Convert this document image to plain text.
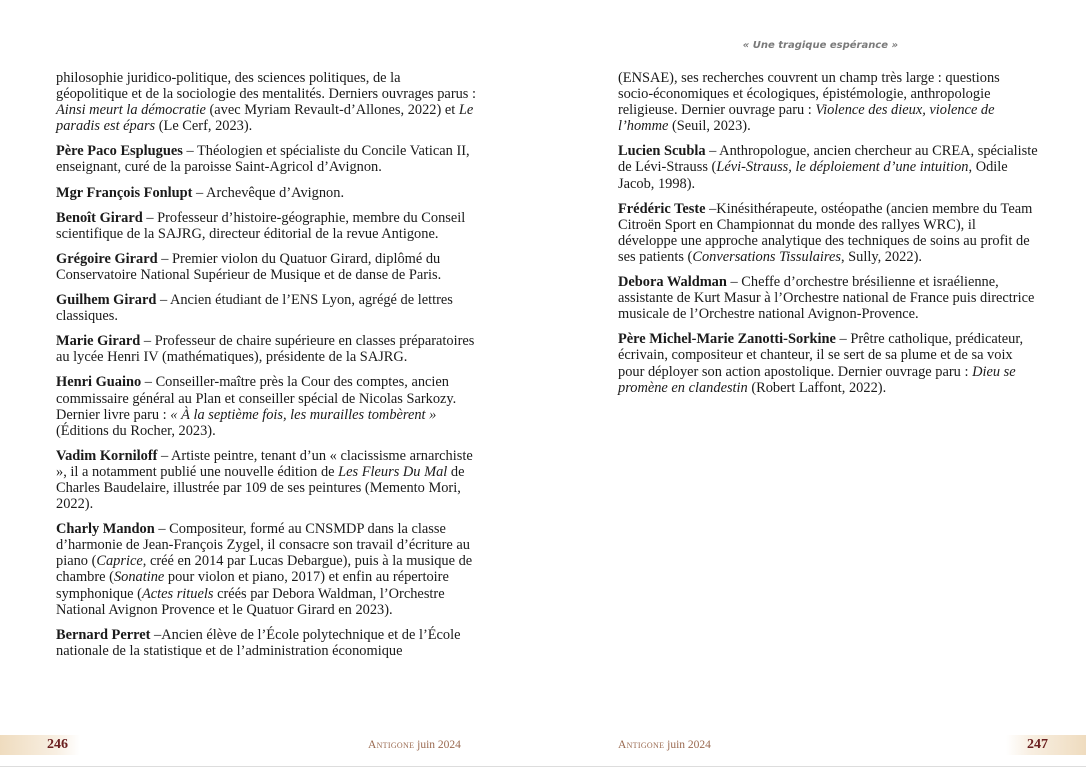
philosophie juridico-politique, des sciences politiques, de la géopolitique et de la sociologie des mentalités. Derniers ouvrages parus : Ainsi meurt la démocratie (avec Myriam Revault-d’Allones, 2022) et Le paradis est épars (Le Cerf, 2023).

Père Paco Esplugues – Théologien et spécialiste du Concile Vatican II, enseignant, curé de la paroisse Saint-Agricol d’Avignon.

Mgr François Fonlupt – Archevêque d’Avignon.

Benoît Girard – Professeur d’histoire-géographie, membre du Conseil scientifique de la SAJRG, directeur éditorial de la revue Antigone.

Grégoire Girard – Premier violon du Quatuor Girard, diplômé du Conservatoire National Supérieur de Musique et de danse de Paris.

Guilhem Girard – Ancien étudiant de l’ENS Lyon, agrégé de lettres classiques.

Marie Girard – Professeur de chaire supérieure en classes préparatoires au lycée Henri IV (mathématiques), présidente de la SAJRG.

Henri Guaino – Conseiller-maître près la Cour des comptes, ancien commissaire général au Plan et conseiller spécial de Nicolas Sarkozy. Dernier livre paru : « À la septième fois, les murailles tombèrent » (Éditions du Rocher, 2023).

Vadim Korniloff – Artiste peintre, tenant d’un « clacissisme arnarchiste », il a notamment publié une nouvelle édition de Les Fleurs Du Mal de Charles Baudelaire, illustrée par 109 de ses peintures (Memento Mori, 2022).

Charly Mandon – Compositeur, formé au CNSMDP dans la classe d’harmonie de Jean-François Zygel, il consacre son travail d’écriture au piano (Caprice, créé en 2014 par Lucas Debargue), puis à la musique de chambre (Sonatine pour violon et piano, 2017) et enfin au répertoire symphonique (Actes rituels créés par Debora Waldman, l’Orchestre National Avignon Provence et le Quatuor Girard en 2023).

Bernard Perret –Ancien élève de l’École polytechnique et de l’École nationale de la statistique et de l’administration économique

246	Antigone juin 2024
« Une tragique espérance »

(ENSAE), ses recherches couvrent un champ très large : questions socio-économiques et écologiques, épistémologie, anthropologie religieuse. Dernier ouvrage paru : Violence des dieux, violence de l’homme (Seuil, 2023).

Lucien Scubla – Anthropologue, ancien chercheur au CREA, spécialiste de Lévi-Strauss (Lévi-Strauss, le déploiement d’une intuition, Odile Jacob, 1998).

Frédéric Teste –Kinésithérapeute, ostéopathe (ancien membre du Team Citroën Sport en Championnat du monde des rallyes WRC), il développe une approche analytique des techniques de soins au profit de ses patients (Conversations Tissulaires, Sully, 2022).

Debora Waldman – Cheffe d’orchestre brésilienne et israélienne, assistante de Kurt Masur à l’Orchestre national de France puis directrice musicale de l’Orchestre national Avignon-Provence.

Père Michel-Marie Zanotti-Sorkine – Prêtre catholique, prédicateur, écrivain, compositeur et chanteur, il se sert de sa plume et de sa voix pour déployer son action apostolique. Dernier ouvrage paru : Dieu se promène en clandestin (Robert Laffont, 2022).

Antigone juin 2024	247
